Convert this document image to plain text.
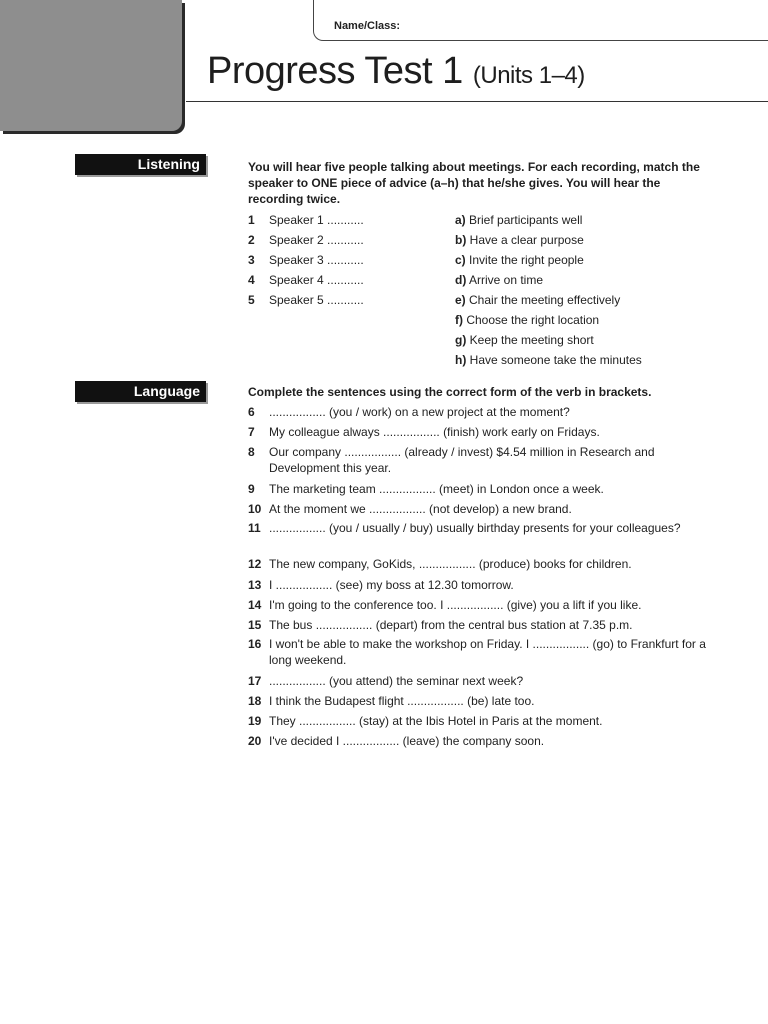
Name/Class:
Progress Test 1 (Units 1–4)
Listening	You will hear five people talking about meetings. For each recording, match the speaker to ONE piece of advice (a–h) that he/she gives. You will hear the recording twice.
1 Speaker 1 ...........
2 Speaker 2 ...........
3 Speaker 3 ...........
4 Speaker 4 ...........
5 Speaker 5 ...........
a) Brief participants well
b) Have a clear purpose
c) Invite the right people
d) Arrive on time
e) Chair the meeting effectively
f) Choose the right location
g) Keep the meeting short
h) Have someone take the minutes
Language	Complete the sentences using the correct form of the verb in brackets.
6 ................. (you / work) on a new project at the moment?
7 My colleague always ................. (finish) work early on Fridays.
8 Our company ................. (already / invest) $4.54 million in Research and Development this year.
9 The marketing team ................. (meet) in London once a week.
10 At the moment we ................. (not develop) a new brand.
11 ................. (you / usually / buy) usually birthday presents for your colleagues?
12 The new company, GoKids, ................. (produce) books for children.
13 I ................. (see) my boss at 12.30 tomorrow.
14 I'm going to the conference too. I ................. (give) you a lift if you like.
15 The bus ................. (depart) from the central bus station at 7.35 p.m.
16 I won't be able to make the workshop on Friday. I ................. (go) to Frankfurt for a long weekend.
17 ................. (you attend) the seminar next week?
18 I think the Budapest flight ................. (be) late too.
19 They ................. (stay) at the Ibis Hotel in Paris at the moment.
20 I've decided I ................. (leave) the company soon.
